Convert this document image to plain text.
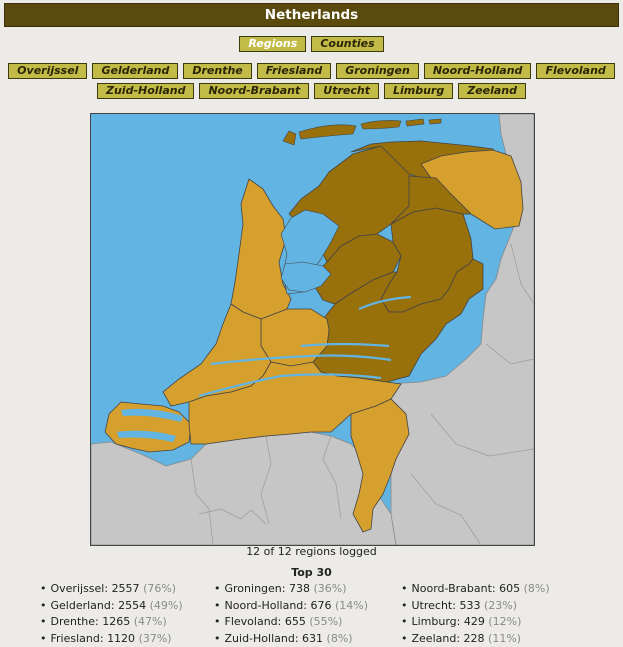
Netherlands
Regions	Counties
Overijssel	Gelderland	Drenthe	Friesland	Groningen	Noord-Holland	Flevoland
Zuid-Holland	Noord-Brabant	Utrecht	Limburg	Zeeland
12 of 12 regions logged
Top 30
• Overijssel: 2557 (76%)
• Gelderland: 2554 (49%)
• Drenthe: 1265 (47%)
• Friesland: 1120 (37%)
• Groningen: 738 (36%)
• Noord-Holland: 676 (14%)
• Flevoland: 655 (55%)
• Zuid-Holland: 631 (8%)
• Noord-Brabant: 605 (8%)
• Utrecht: 533 (23%)
• Limburg: 429 (12%)
• Zeeland: 228 (11%)
